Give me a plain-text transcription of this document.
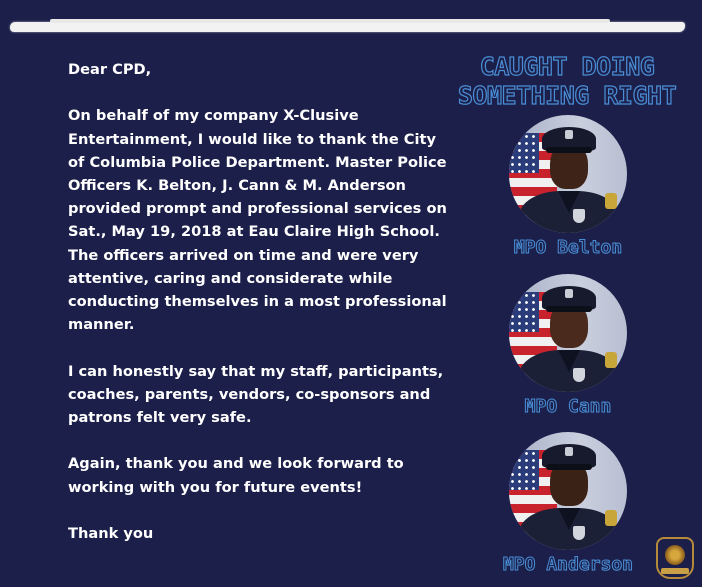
Dear CPD,

On behalf of my company X-Clusive Entertainment, I would like to thank the City of Columbia Police Department. Master Police Officers K. Belton, J. Cann & M. Anderson provided prompt and professional services on Sat., May 19, 2018 at Eau Claire High School. The officers arrived on time and were very attentive, caring and considerate while conducting themselves in a most professional manner.

I can honestly say that my staff, participants, coaches, parents, vendors, co-sponsors and patrons felt very safe.

Again, thank you and we look forward to working with you for future events!

Thank you

CAUGHT DOING
SOMETHING RIGHT
MPO Belton
MPO Cann
MPO Anderson
